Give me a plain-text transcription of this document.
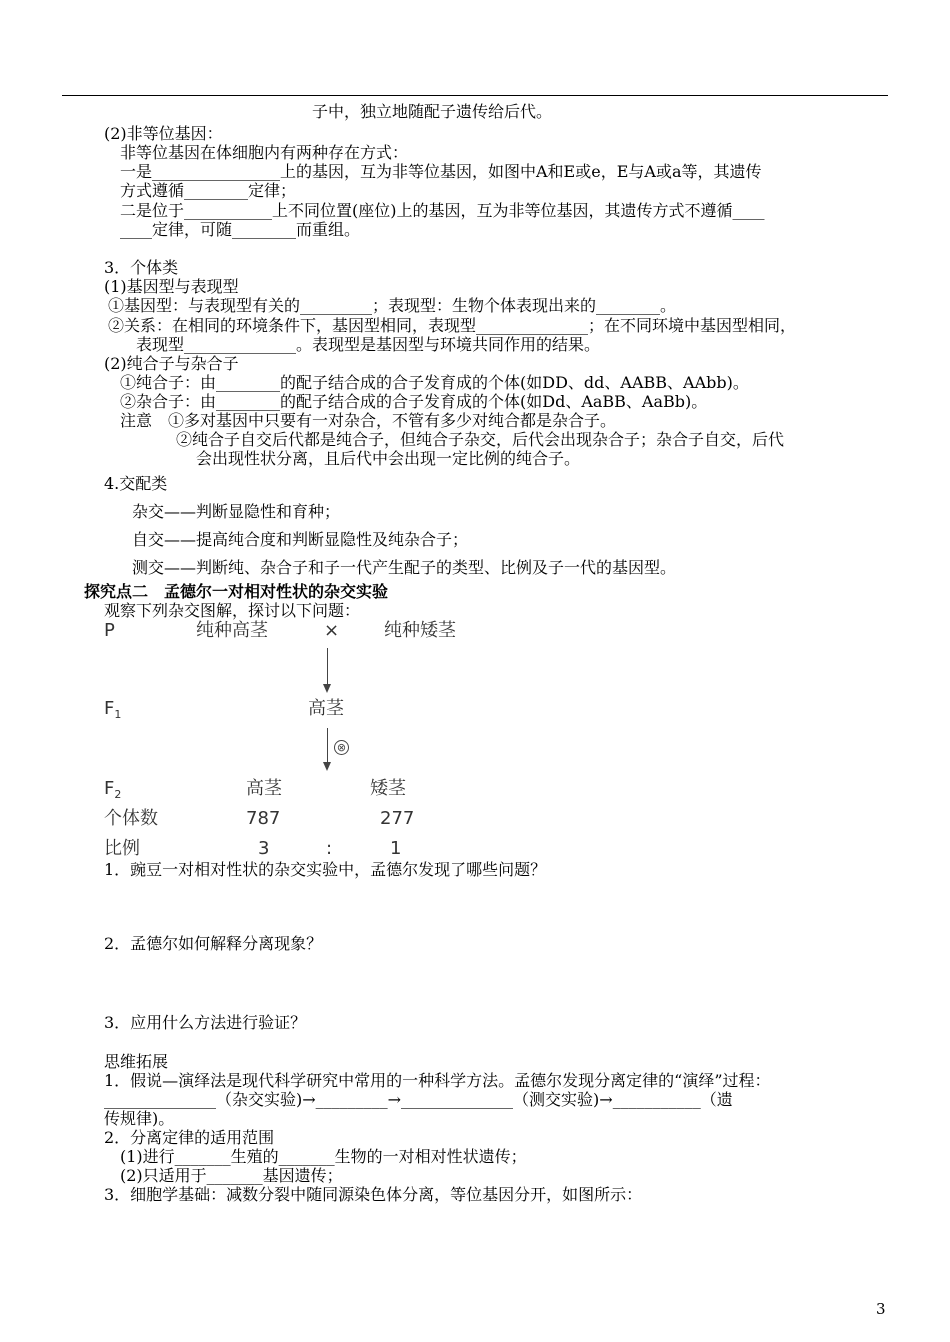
子中，独立地随配子遗传给后代。
(2)非等位基因：
非等位基因在体细胞内有两种存在方式：
一是________________上的基因，互为非等位基因，如图中A和E或e，E与A或a等，其遗传
方式遵循________定律；
二是位于___________上不同位置(座位)上的基因，互为非等位基因，其遗传方式不遵循____
____定律，可随________而重组。
3．个体类
(1)基因型与表现型
①基因型：与表现型有关的_________；表现型：生物个体表现出来的________。
②关系：在相同的环境条件下，基因型相同，表现型______________；在不同环境中基因型相同，
表现型______________。表现型是基因型与环境共同作用的结果。
(2)纯合子与杂合子
①纯合子：由________的配子结合成的合子发育成的个体(如DD、dd、AABB、AAbb)。
②杂合子：由________的配子结合成的合子发育成的个体(如Dd、AaBB、AaBb)。
注意　①多对基因中只要有一对杂合，不管有多少对纯合都是杂合子。
②纯合子自交后代都是纯合子，但纯合子杂交，后代会出现杂合子；杂合子自交，后代
会出现性状分离，且后代中会出现一定比例的纯合子。
4.交配类
杂交——判断显隐性和育种；
自交——提高纯合度和判断显隐性及纯杂合子；
测交——判断纯、杂合子和子一代产生配子的类型、比例及子一代的基因型。
探究点二　孟德尔一对相对性状的杂交实验
观察下列杂交图解，探讨以下问题：
P	纯种高茎	× 纯种矮茎
$F_1$	高茎
⊗
$F_2$	高茎	矮茎
个体数	787	277
比例	3	:	1
1．豌豆一对相对性状的杂交实验中，孟德尔发现了哪些问题？
2．孟德尔如何解释分离现象？
3．应用什么方法进行验证？
思维拓展
1．假说—演绎法是现代科学研究中常用的一种科学方法。孟德尔发现分离定律的“演绎”过程：
______________（杂交实验)→_________→______________（测交实验)→___________（遗
传规律)。
2．分离定律的适用范围
(1)进行_______生殖的_______生物的一对相对性状遗传；
(2)只适用于_______基因遗传；
3．细胞学基础：减数分裂中随同源染色体分离，等位基因分开，如图所示：
3
